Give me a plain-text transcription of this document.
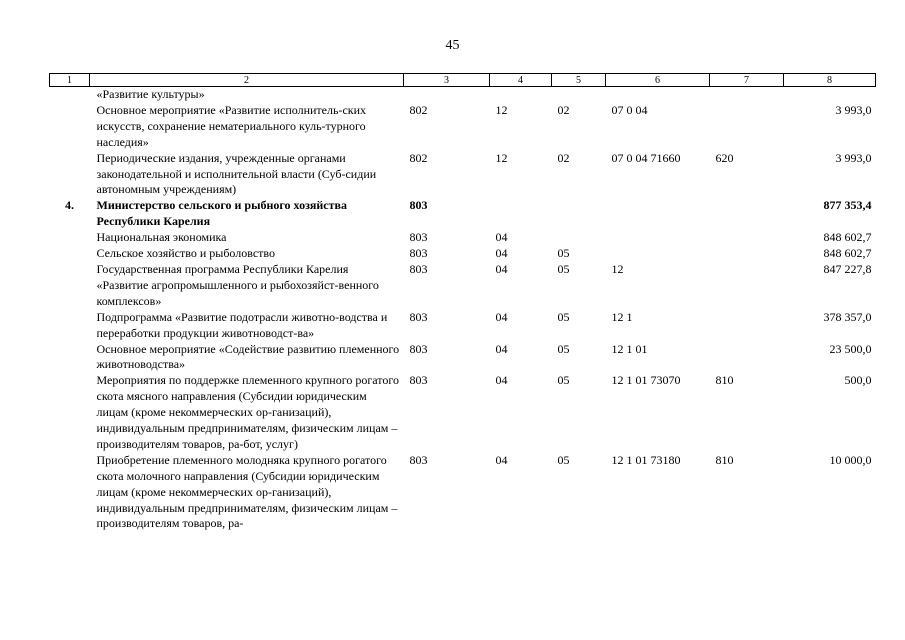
45
1	2	3	4	5	6	7	8
	«Развитие культуры»						
	Основное мероприятие «Развитие исполнитель-ских искусств, сохранение нематериального куль-турного наследия»	802	12	02	07 0 04		3 993,0
	Периодические издания, учрежденные органами законодательной и исполнительной власти (Суб-сидии автономным учреждениям)	802	12	02	07 0 04 71660	620	3 993,0
4.	Министерство сельского и рыбного хозяйства Республики Карелия	803					877 353,4
	Национальная экономика	803	04				848 602,7
	Сельское хозяйство и рыболовство	803	04	05			848 602,7
	Государственная программа Республики Карелия «Развитие агропромышленного и рыбохозяйст-венного комплексов»	803	04	05	12		847 227,8
	Подпрограмма «Развитие подотрасли животно-водства и переработки продукции животноводст-ва»	803	04	05	12 1		378 357,0
	Основное мероприятие «Содействие развитию племенного животноводства»	803	04	05	12 1 01		23 500,0
	Мероприятия по поддержке племенного крупного рогатого скота мясного направления (Субсидии юридическим лицам (кроме некоммерческих ор-ганизаций), индивидуальным предпринимателям, физическим лицам – производителям товаров, ра-бот, услуг)	803	04	05	12 1 01 73070	810	500,0
	Приобретение племенного молодняка крупного рогатого скота молочного направления (Субсидии юридическим лицам (кроме некоммерческих ор-ганизаций), индивидуальным предпринимателям, физическим лицам – производителям товаров, ра-	803	04	05	12 1 01 73180	810	10 000,0
